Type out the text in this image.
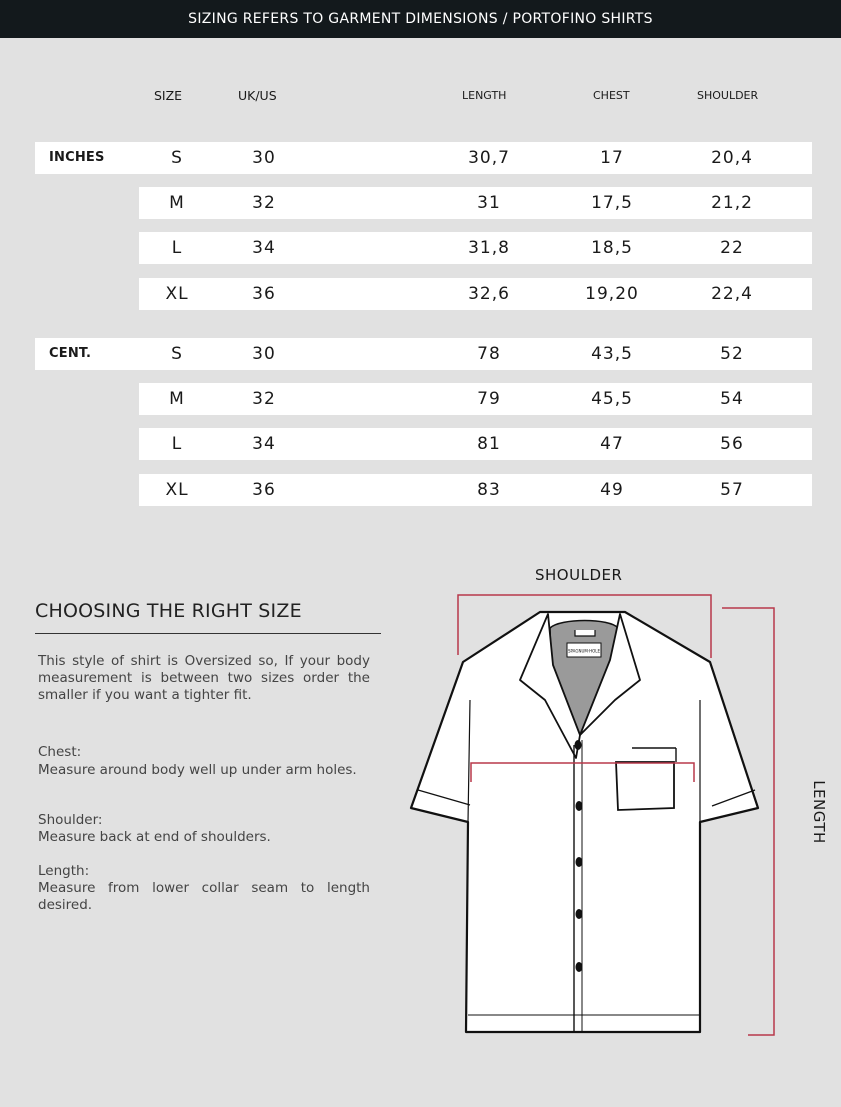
SIZING REFERS TO GARMENT DIMENSIONS / PORTOFINO SHIRTS
SIZE	UK/US	LENGTH	CHEST	SHOULDER
INCHES	S	30	30,7	17	20,4
M	32	31	17,5	21,2
L	34	31,8	18,5	22
XL	36	32,6	19,20	22,4
CENT.	S	30	78	43,5	52
M	32	79	45,5	54
L	34	81	47	56
XL	36	83	49	57
CHOOSING THE RIGHT SIZE
This style of shirt is Oversized so, If your body measurement is between two sizes order the smaller if you want a tighter fit.
Chest:
Measure around body well up under arm holes.
Shoulder:
Measure back at end of shoulders.
Length:
Measure from lower collar seam to length desired.
SHOULDER
LENGTH
SPAGNUM·HOLE
